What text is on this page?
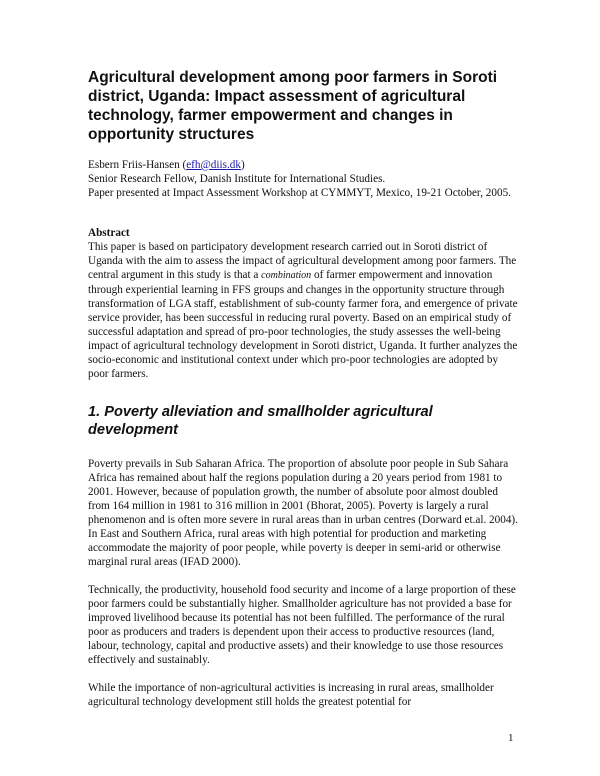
Agricultural development among poor farmers in Soroti district, Uganda: Impact assessment of agricultural technology, farmer empowerment and changes in opportunity structures

Esbern Friis-Hansen (efh@diis.dk)

Senior Research Fellow, Danish Institute for International Studies.

Paper presented at Impact Assessment Workshop at CYMMYT, Mexico, 19-21 October, 2005.

Abstract

This paper is based on participatory development research carried out in Soroti district of Uganda with the aim to assess the impact of agricultural development among poor farmers. The central argument in this study is that a combination of farmer empowerment and innovation through experiential learning in FFS groups and changes in the opportunity structure through transformation of LGA staff, establishment of sub-county farmer fora, and emergence of private service provider, has been successful in reducing rural poverty. Based on an empirical study of successful adaptation and spread of pro-poor technologies, the study assesses the well-being impact of agricultural technology development in Soroti district, Uganda. It further analyzes the socio-economic and institutional context under which pro-poor technologies are adopted by poor farmers.

1. Poverty alleviation and smallholder agricultural development

Poverty prevails in Sub Saharan Africa. The proportion of absolute poor people in Sub Sahara Africa has remained about half the regions population during a 20 years period from 1981 to 2001. However, because of population growth, the number of absolute poor almost doubled from 164 million in 1981 to 316 million in 2001 (Bhorat, 2005). Poverty is largely a rural phenomenon and is often more severe in rural areas than in urban centres (Dorward et.al. 2004). In East and Southern Africa, rural areas with high potential for production and marketing accommodate the majority of poor people, while poverty is deeper in semi-arid or otherwise marginal rural areas (IFAD 2000).

Technically, the productivity, household food security and income of a large proportion of these poor farmers could be substantially higher. Smallholder agriculture has not provided a base for improved livelihood because its potential has not been fulfilled. The performance of the rural poor as producers and traders is dependent upon their access to productive resources (land, labour, technology, capital and productive assets) and their knowledge to use those resources effectively and sustainably.

While the importance of non-agricultural activities is increasing in rural areas, smallholder agricultural technology development still holds the greatest potential for

1
